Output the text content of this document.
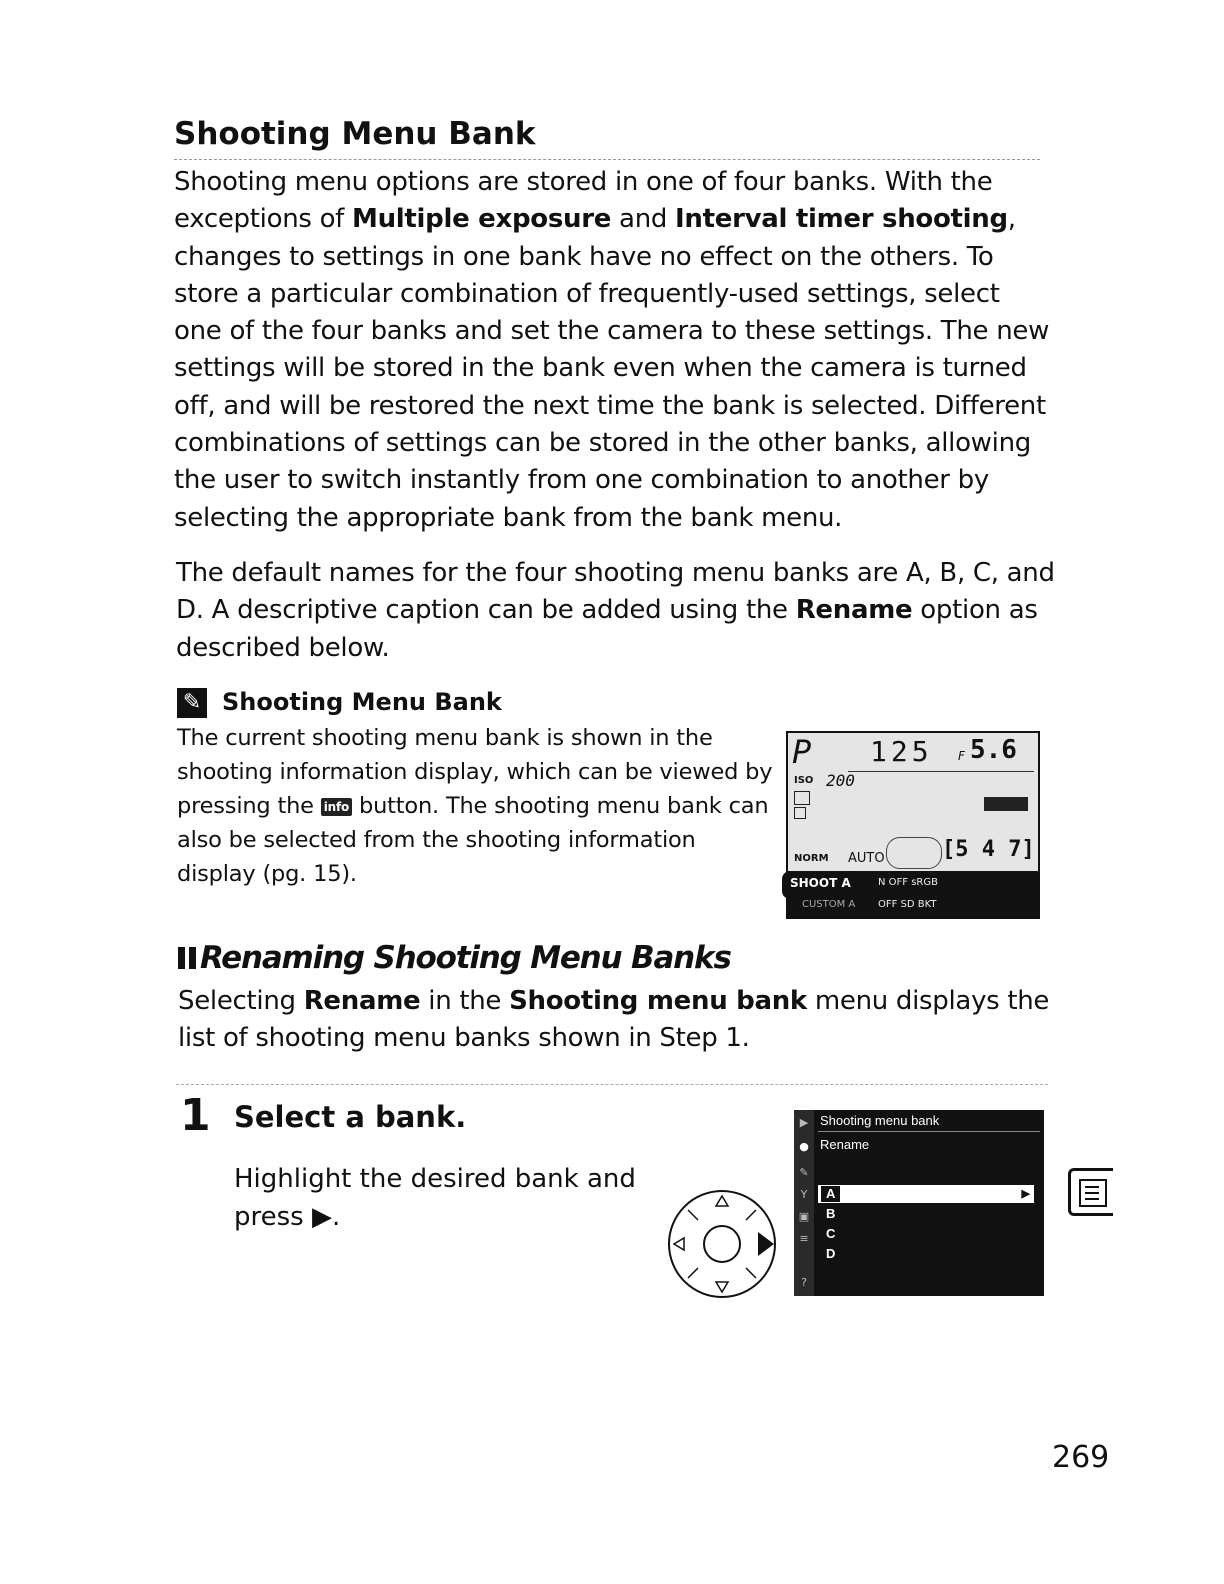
Shooting Menu Bank
Shooting menu options are stored in one of four banks. With the exceptions of Multiple exposure and Interval timer shooting, changes to settings in one bank have no effect on the others. To store a particular combination of frequently-used settings, select one of the four banks and set the camera to these settings. The new settings will be stored in the bank even when the camera is turned off, and will be restored the next time the bank is selected. Different combinations of settings can be stored in the other banks, allowing the user to switch instantly from one combination to another by selecting the appropriate bank from the bank menu.
The default names for the four shooting menu banks are A, B, C, and D. A descriptive caption can be added using the Rename option as described below.
✎ Shooting Menu Bank
The current shooting menu bank is shown in the shooting information display, which can be viewed by pressing the info button. The shooting menu bank can also be selected from the shooting information display (pg. 15).
P 125 F 5.6
ISO 200
NORM AUTO	[5 4 7]
N OFF sRGB
CUSTOM A OFF SD BKT
SHOOT A
Renaming Shooting Menu Banks
Selecting Rename in the Shooting menu bank menu displays the list of shooting menu banks shown in Step 1.
1 Select a bank.
Highlight the desired bank and press ▶.
▶
●
✎
Y
▣
≡
?
Shooting menu bank
Rename
A	▶
B
C
D
269
